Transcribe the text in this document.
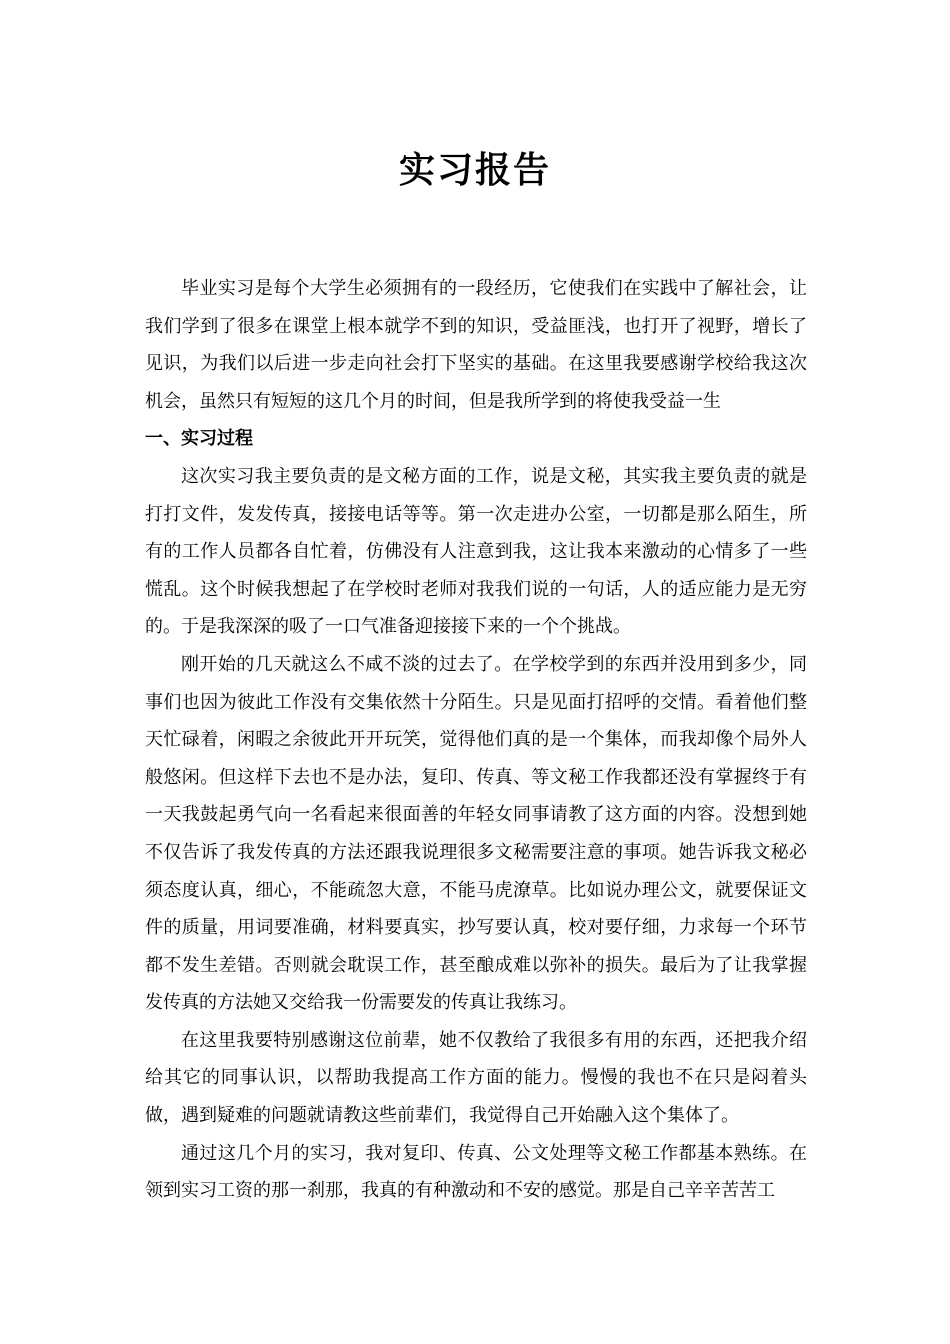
实习报告

毕业实习是每个大学生必须拥有的一段经历，它使我们在实践中了解社会，让我们学到了很多在课堂上根本就学不到的知识，受益匪浅，也打开了视野，增长了见识，为我们以后进一步走向社会打下坚实的基础。在这里我要感谢学校给我这次机会，虽然只有短短的这几个月的时间，但是我所学到的将使我受益一生

一、实习过程

这次实习我主要负责的是文秘方面的工作，说是文秘，其实我主要负责的就是打打文件，发发传真，接接电话等等。第一次走进办公室，一切都是那么陌生，所有的工作人员都各自忙着，仿佛没有人注意到我，这让我本来激动的心情多了一些慌乱。这个时候我想起了在学校时老师对我我们说的一句话，人的适应能力是无穷的。于是我深深的吸了一口气准备迎接接下来的一个个挑战。

刚开始的几天就这么不咸不淡的过去了。在学校学到的东西并没用到多少，同事们也因为彼此工作没有交集依然十分陌生。只是见面打招呼的交情。看着他们整天忙碌着，闲暇之余彼此开开玩笑，觉得他们真的是一个集体，而我却像个局外人般悠闲。但这样下去也不是办法，复印、传真、等文秘工作我都还没有掌握终于有一天我鼓起勇气向一名看起来很面善的年轻女同事请教了这方面的内容。没想到她不仅告诉了我发传真的方法还跟我说理很多文秘需要注意的事项。她告诉我文秘必须态度认真，细心，不能疏忽大意，不能马虎潦草。比如说办理公文，就要保证文件的质量，用词要准确，材料要真实，抄写要认真，校对要仔细，力求每一个环节都不发生差错。否则就会耽误工作，甚至酿成难以弥补的损失。最后为了让我掌握发传真的方法她又交给我一份需要发的传真让我练习。

在这里我要特别感谢这位前辈，她不仅教给了我很多有用的东西，还把我介绍给其它的同事认识，以帮助我提高工作方面的能力。慢慢的我也不在只是闷着头做，遇到疑难的问题就请教这些前辈们，我觉得自己开始融入这个集体了。

通过这几个月的实习，我对复印、传真、公文处理等文秘工作都基本熟练。在领到实习工资的那一刹那，我真的有种激动和不安的感觉。那是自己辛辛苦苦工
